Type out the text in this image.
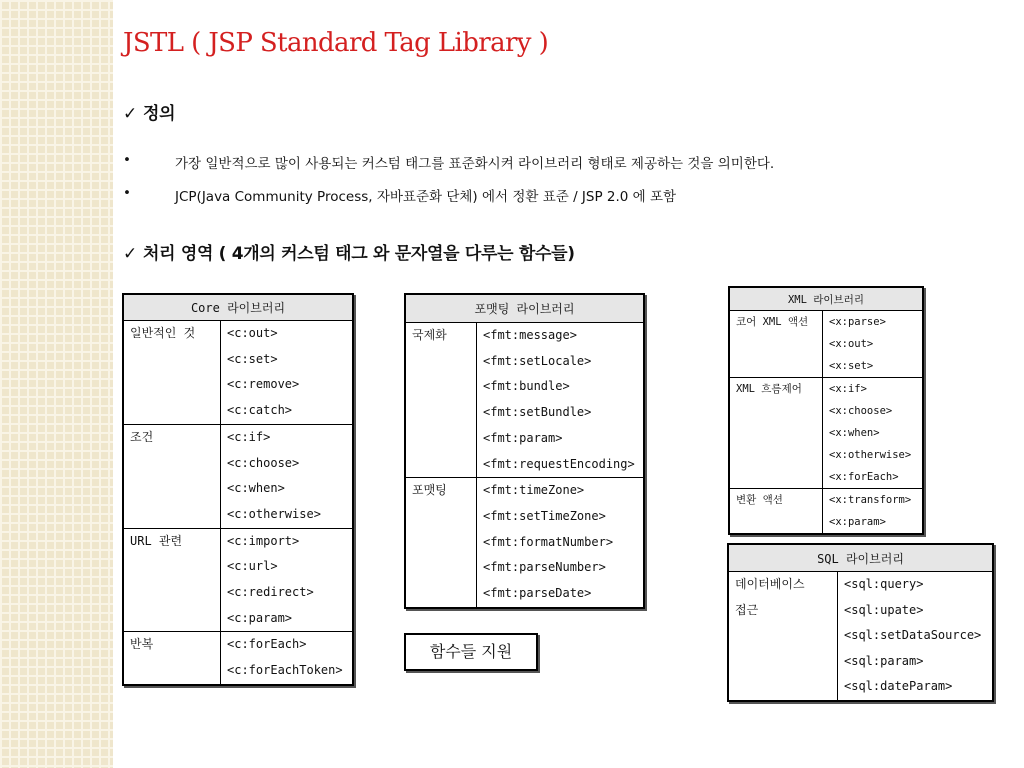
JSTL ( JSP Standard Tag Library )
✓ 정의
•	가장 일반적으로 많이 사용되는 커스텀 태그를 표준화시켜 라이브러리 형태로 제공하는 것을 의미한다.
•	JCP(Java Community Process, 자바표준화 단체) 에서 정환 표준 / JSP 2.0 에 포함
✓ 처리 영역 ( 4개의 커스텀 태그 와 문자열을 다루는 함수들)
Core 라이브러리	
일반적인 것	<c:out>
	<c:set>
	<c:remove>
	<c:catch>
조건	<c:if>
	<c:choose>
	<c:when>
	<c:otherwise>
URL 관련	<c:import>
	<c:url>
	<c:redirect>
	<c:param>
반복	<c:forEach>
	<c:forEachToken>
포맷팅 라이브러리	
국제화	<fmt:message>
	<fmt:setLocale>
	<fmt:bundle>
	<fmt:setBundle>
	<fmt:param>
	<fmt:requestEncoding>
포맷팅	<fmt:timeZone>
	<fmt:setTimeZone>
	<fmt:formatNumber>
	<fmt:parseNumber>
	<fmt:parseDate>
XML 라이브러리	
코어 XML 액션	<x:parse>
	<x:out>
	<x:set>
XML 흐름제어	<x:if>
	<x:choose>
	<x:when>
	<x:otherwise>
	<x:forEach>
변환 액션	<x:transform>
	<x:param>
SQL 라이브러리	
데이터베이스	<sql:query>
접근	<sql:upate>
	<sql:setDataSource>
	<sql:param>
	<sql:dateParam>
함수들 지원
